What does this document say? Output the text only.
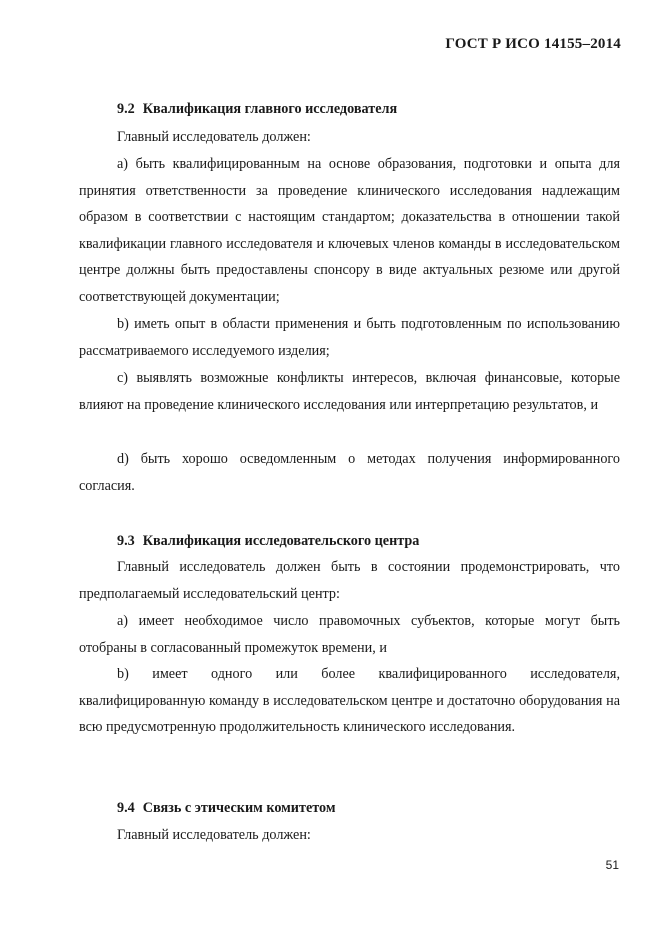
ГОСТ Р ИСО 14155–2014
9.2 Квалификация главного исследователя
Главный исследователь должен:
а) быть квалифицированным на основе образования, подготовки и опыта для принятия ответственности за проведение клинического исследования надлежащим образом в соответствии с настоящим стандартом; доказательства в отношении такой квалификации главного исследователя и ключевых членов команды в исследовательском центре должны быть предоставлены спонсору в виде актуальных резюме или другой соответствующей документации;
b) иметь опыт в области применения и быть подготовленным по использованию рассматриваемого исследуемого изделия;
c) выявлять возможные конфликты интересов, включая финансовые, которые влияют на проведение клинического исследования или интерпретацию результатов, и
d) быть хорошо осведомленным о методах получения информированного согласия.
9.3 Квалификация исследовательского центра
Главный исследователь должен быть в состоянии продемонстрировать, что предполагаемый исследовательский центр:
а) имеет необходимое число правомочных субъектов, которые могут быть отобраны в согласованный промежуток времени, и
b) имеет одного или более квалифицированного исследователя, квалифицированную команду в исследовательском центре и достаточно оборудования на всю предусмотренную продолжительность клинического исследования.
9.4 Связь с этическим комитетом
Главный исследователь должен:
51
